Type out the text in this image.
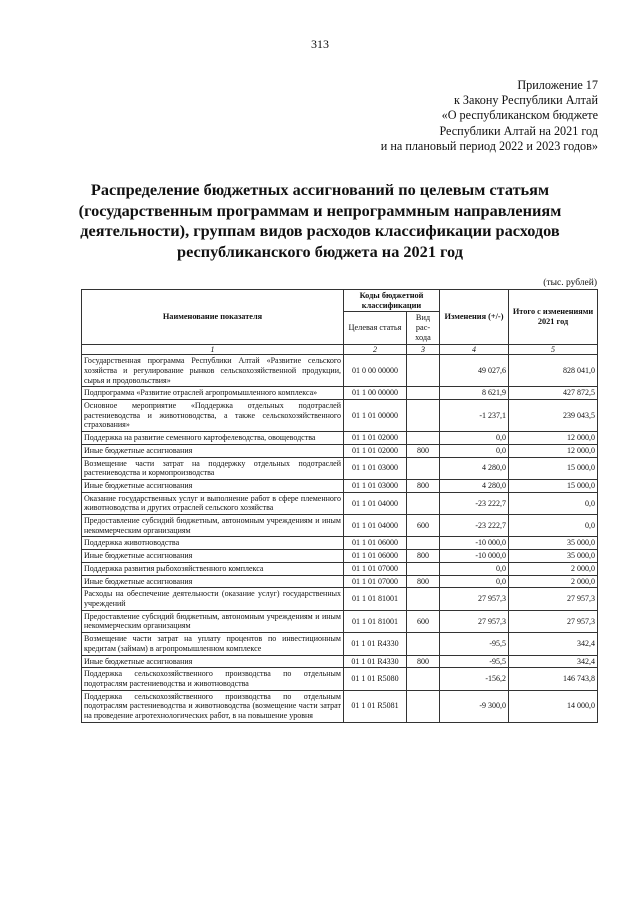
313
Приложение 17
к Закону Республики Алтай
«О республиканском бюджете
Республики Алтай на 2021 год
и на плановый период 2022 и 2023 годов»
Распределение бюджетных ассигнований по целевым статьям
(государственным программам и непрограммным направлениям
деятельности), группам видов расходов классификации расходов
республиканского бюджета на 2021 год
(тыс. рублей)
Наименование показателя	Коды бюджетной классификации		Изменения (+/-)	Итого с изменениями 2021 год
	Целевая статья	Вид рас-хода		
1	2	3	4	5
Государственная программа Республики Алтай «Развитие сельского хозяйства и регулирование рынков сельскохозяйственной продукции, сырья и продовольствия»	01 0 00 00000		49 027,6	828 041,0
Подпрограмма «Развитие отраслей агропромышленного комплекса»	01 1 00 00000		8 621,9	427 872,5
Основное мероприятие «Поддержка отдельных подотраслей растениеводства и животноводства, а также сельскохозяйственного страхования»	01 1 01 00000		-1 237,1	239 043,5
Поддержка на развитие семенного картофелеводства, овощеводства	01 1 01 02000		0,0	12 000,0
Иные бюджетные ассигнования	01 1 01 02000	800	0,0	12 000,0
Возмещение части затрат на поддержку отдельных подотраслей растениеводства и кормопроизводства	01 1 01 03000		4 280,0	15 000,0
Иные бюджетные ассигнования	01 1 01 03000	800	4 280,0	15 000,0
Оказание государственных услуг и выполнение работ в сфере племенного животноводства и других отраслей сельского хозяйства	01 1 01 04000		-23 222,7	0,0
Предоставление субсидий бюджетным, автономным учреждениям и иным некоммерческим организациям	01 1 01 04000	600	-23 222,7	0,0
Поддержка животноводства	01 1 01 06000		-10 000,0	35 000,0
Иные бюджетные ассигнования	01 1 01 06000	800	-10 000,0	35 000,0
Поддержка развития рыбохозяйственного комплекса	01 1 01 07000		0,0	2 000,0
Иные бюджетные ассигнования	01 1 01 07000	800	0,0	2 000,0
Расходы на обеспечение деятельности (оказание услуг) государственных учреждений	01 1 01 81001		27 957,3	27 957,3
Предоставление субсидий бюджетным, автономным учреждениям и иным некоммерческим организациям	01 1 01 81001	600	27 957,3	27 957,3
Возмещение части затрат на уплату процентов по инвестиционным кредитам (займам) в агропромышленном комплексе	01 1 01 R4330		-95,5	342,4
Иные бюджетные ассигнования	01 1 01 R4330	800	-95,5	342,4
Поддержка сельскохозяйственного производства по отдельным подотраслям растениеводства и животноводства	01 1 01 R5080		-156,2	146 743,8
Поддержка сельскохозяйственного производства по отдельным подотраслям растениеводства и животноводства (возмещение части затрат на проведение агротехнологических работ, в на повышение уровня	01 1 01 R5081		-9 300,0	14 000,0
